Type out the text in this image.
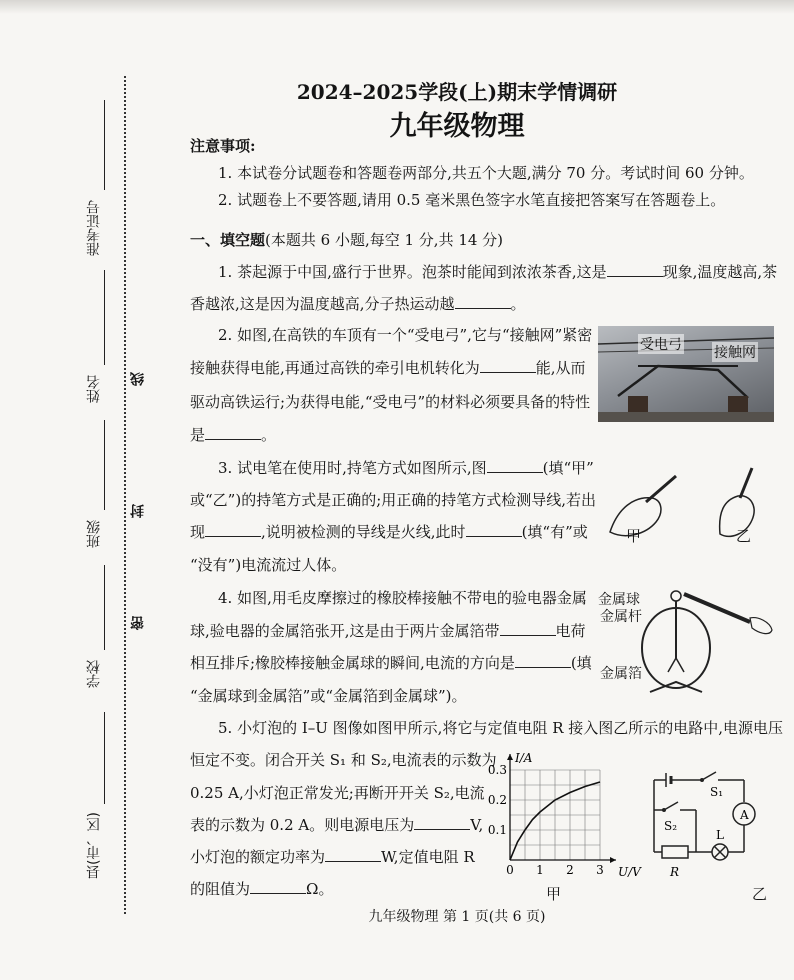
准考证号
姓名
班级
学校
县(市、区)
线
封
密
2024–2025学段(上)期末学情调研
九年级物理
注意事项:
1. 本试卷分试题卷和答题卷两部分,共五个大题,满分 70 分。考试时间 60 分钟。
2. 试题卷上不要答题,请用 0.5 毫米黑色签字水笔直接把答案写在答题卷上。
一、填空题(本题共 6 小题,每空 1 分,共 14 分)
1. 茶起源于中国,盛行于世界。泡茶时能闻到浓浓茶香,这是	现象,温度越高,茶
香越浓,这是因为温度越高,分子热运动越	。
2. 如图,在高铁的车顶有一个“受电弓”,它与“接触网”紧密
接触获得电能,再通过高铁的牵引电机转化为	能,从而
驱动高铁运行;为获得电能,“受电弓”的材料必须要具备的特性
是	。
受电弓 接触网
3. 试电笔在使用时,持笔方式如图所示,图	(填“甲”
或“乙”)的持笔方式是正确的;用正确的持笔方式检测导线,若出
现	,说明被检测的导线是火线,此时	(填“有”或
“没有”)电流流过人体。
甲	乙
4. 如图,用毛皮摩擦过的橡胶棒接触不带电的验电器金属
球,验电器的金属箔张开,这是由于两片金属箔带	电荷
相互排斥;橡胶棒接触金属球的瞬间,电流的方向是	(填
“金属球到金属箔”或“金属箔到金属球”)。
金属球
金属杆
金属箔
5. 小灯泡的 I–U 图像如图甲所示,将它与定值电阻 R 接入图乙所示的电路中,电源电压
恒定不变。闭合开关 S₁ 和 S₂,电流表的示数为
0.25 A,小灯泡正常发光;再断开开关 S₂,电流
表的示数为 0.2 A。则电源电压为	V,
小灯泡的额定功率为	W,定值电阻 R
的阻值为	Ω。
0 1 2 3
0.1
0.2
0.3
U/V
I/A
甲
S₁
S₂
A
L
R
乙
九年级物理 第 1 页(共 6 页)
